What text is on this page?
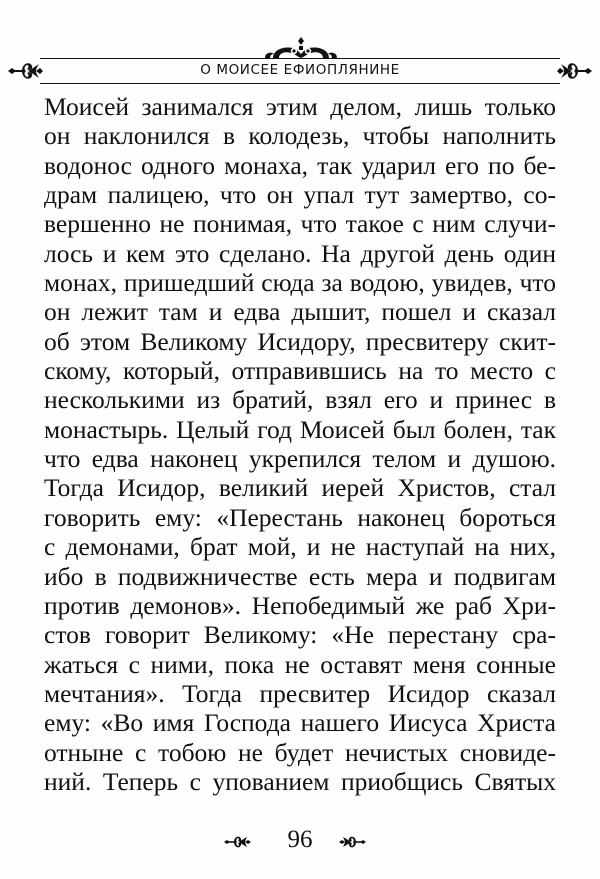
О МОИСЕЕ ЕФИОПЛЯНИНЕ
Моисей занимался этим делом, лишь только
он наклонился в колодезь, чтобы наполнить
водонос одного монаха, так ударил его по бе-
драм палицею, что он упал тут замертво, со-
вершенно не понимая, что такое с ним случи-
лось и кем это сделано. На другой день один
монах, пришедший сюда за водою, увидев, что
он лежит там и едва дышит, пошел и сказал
об этом Великому Исидору, пресвитеру скит-
скому, который, отправившись на то место с
несколькими из братий, взял его и принес в
монастырь. Целый год Моисей был болен, так
что едва наконец укрепился телом и душою.
Тогда Исидор, великий иерей Христов, стал
говорить ему: «Перестань наконец бороться
с демонами, брат мой, и не наступай на них,
ибо в подвижничестве есть мера и подвигам
против демонов». Непобедимый же раб Хри-
стов говорит Великому: «Не перестану сра-
жаться с ними, пока не оставят меня сонные
мечтания». Тогда пресвитер Исидор сказал
ему: «Во имя Господа нашего Иисуса Христа
отныне с тобою не будет нечистых сновиде-
ний. Теперь с упованием приобщись Святых
96
